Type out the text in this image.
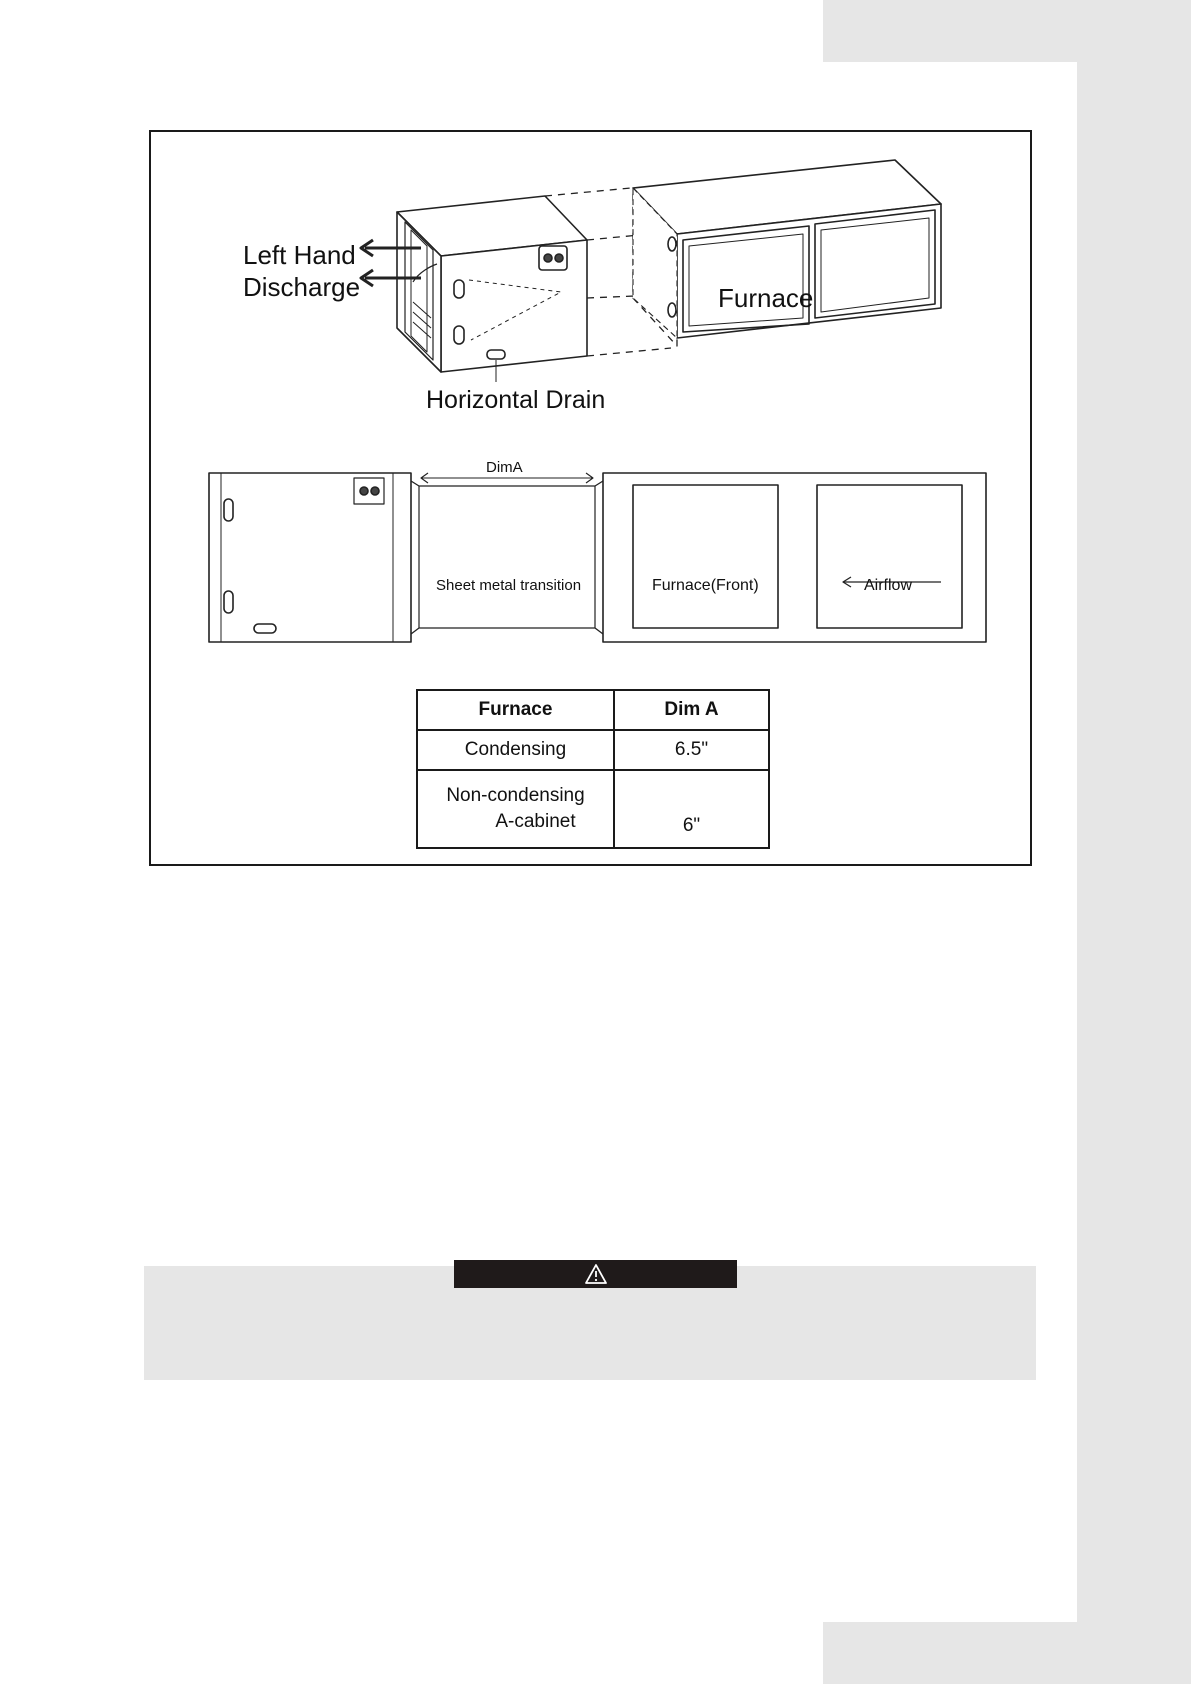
Left Hand
Discharge	Furnace
Horizontal Drain
DimA
Sheet metal transition	Furnace(Front)	Airflow
Furnace	Dim A
Condensing	6.5"
Non-condensing
A-cabinet	6"
